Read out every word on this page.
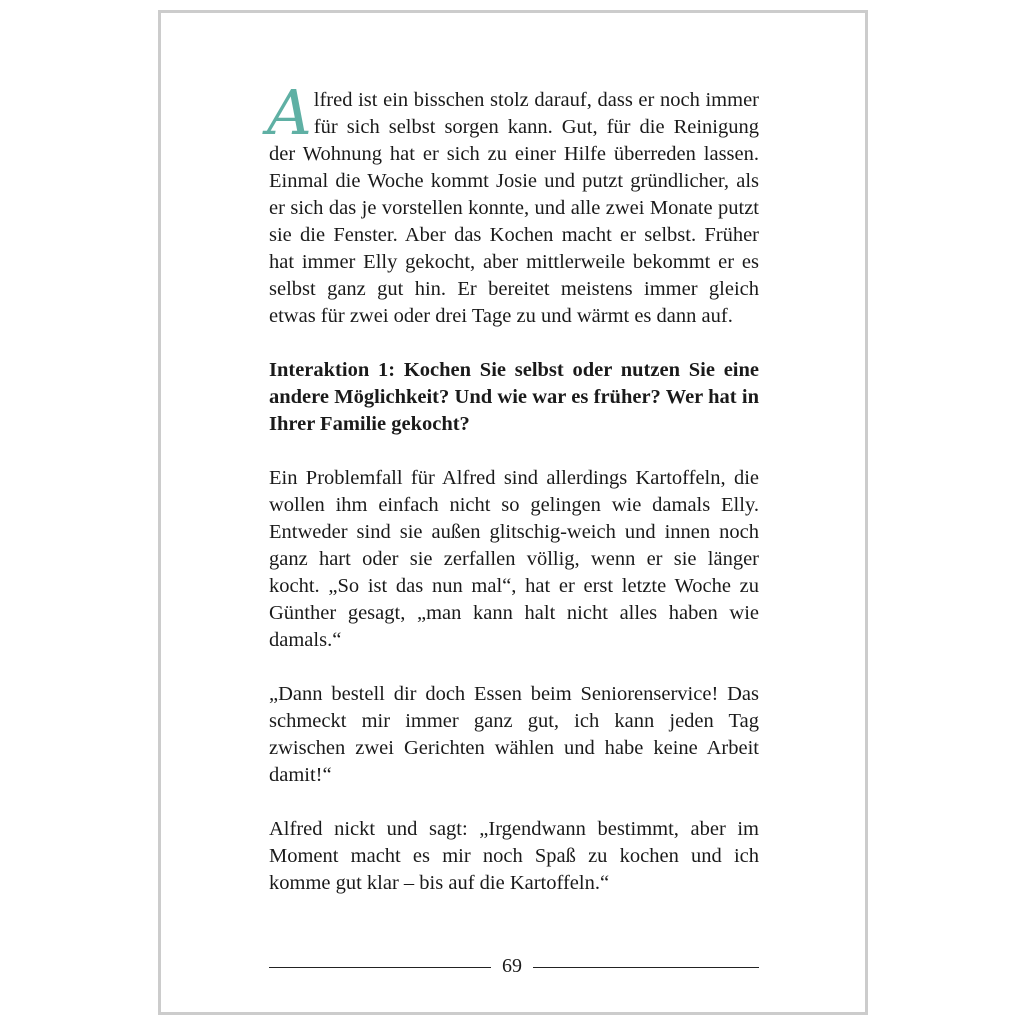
Alfred ist ein bisschen stolz darauf, dass er noch immer für sich selbst sorgen kann. Gut, für die Reinigung der Wohnung hat er sich zu einer Hilfe überreden lassen. Einmal die Woche kommt Josie und putzt gründlicher, als er sich das je vorstellen konnte, und alle zwei Monate putzt sie die Fenster. Aber das Kochen macht er selbst. Früher hat immer Elly gekocht, aber mittlerweile bekommt er es selbst ganz gut hin. Er bereitet meistens immer gleich etwas für zwei oder drei Tage zu und wärmt es dann auf.

Interaktion 1: Kochen Sie selbst oder nutzen Sie eine andere Möglichkeit? Und wie war es früher? Wer hat in Ihrer Familie gekocht?

Ein Problemfall für Alfred sind allerdings Kartoffeln, die wollen ihm einfach nicht so gelingen wie damals Elly. Entweder sind sie außen glitschig-weich und innen noch ganz hart oder sie zerfallen völlig, wenn er sie länger kocht. „So ist das nun mal“, hat er erst letzte Woche zu Günther gesagt, „man kann halt nicht alles haben wie damals.“

„Dann bestell dir doch Essen beim Seniorenservice! Das schmeckt mir immer ganz gut, ich kann jeden Tag zwischen zwei Gerichten wählen und habe keine Arbeit damit!“

Alfred nickt und sagt: „Irgendwann bestimmt, aber im Moment macht es mir noch Spaß zu kochen und ich komme gut klar – bis auf die Kartoffeln.“

69
